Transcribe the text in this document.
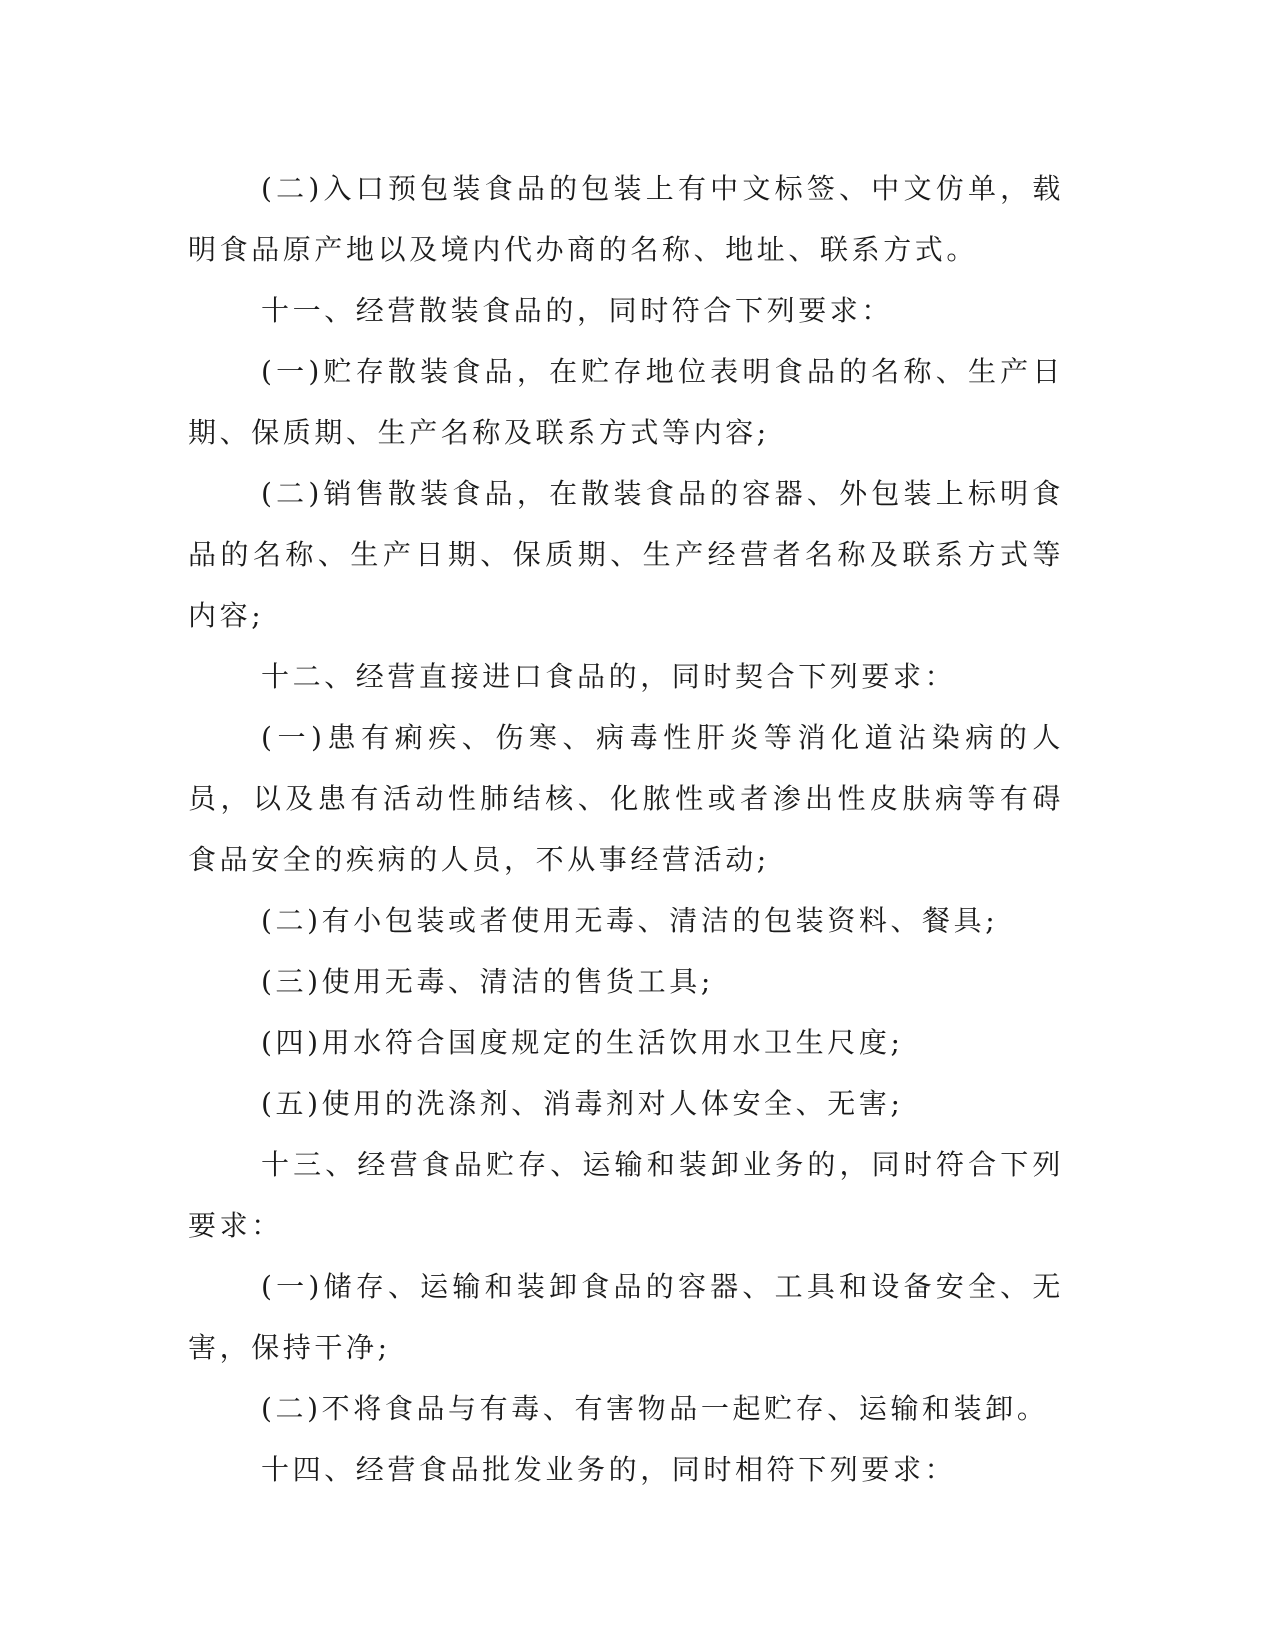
(二)入口预包装食品的包装上有中文标签、中文仿单，载明食品原产地以及境内代办商的名称、地址、联系方式。

十一、经营散装食品的，同时符合下列要求：

(一)贮存散装食品，在贮存地位表明食品的名称、生产日期、保质期、生产名称及联系方式等内容;

(二)销售散装食品，在散装食品的容器、外包装上标明食品的名称、生产日期、保质期、生产经营者名称及联系方式等内容;

十二、经营直接进口食品的，同时契合下列要求：

(一)患有痢疾、伤寒、病毒性肝炎等消化道沾染病的人员，以及患有活动性肺结核、化脓性或者渗出性皮肤病等有碍食品安全的疾病的人员，不从事经营活动;

(二)有小包装或者使用无毒、清洁的包装资料、餐具;

(三)使用无毒、清洁的售货工具;

(四)用水符合国度规定的生活饮用水卫生尺度;

(五)使用的洗涤剂、消毒剂对人体安全、无害;

十三、经营食品贮存、运输和装卸业务的，同时符合下列要求：

(一)储存、运输和装卸食品的容器、工具和设备安全、无害，保持干净;

(二)不将食品与有毒、有害物品一起贮存、运输和装卸。

十四、经营食品批发业务的，同时相符下列要求：
